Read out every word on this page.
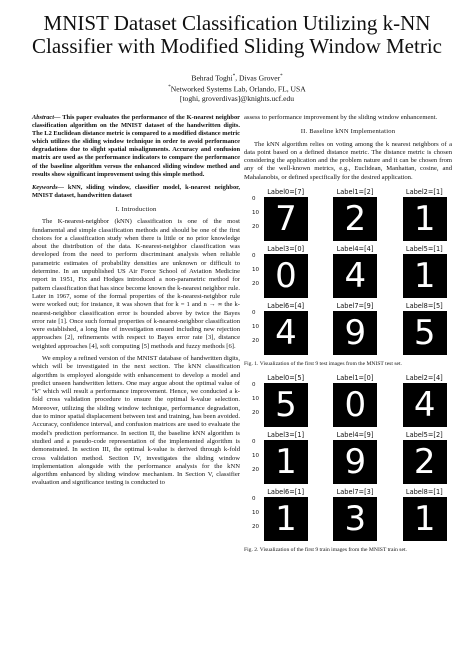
MNIST Dataset Classification Utilizing k-NN
Classifier with Modified Sliding Window Metric
Behrad Toghi*, Divas Grover*
*Networked Systems Lab, Orlando, FL, USA
[toghi, groverdivas]@knights.ucf.edu
Abstract— This paper evaluates the performance of the K-nearest neighbor classification algorithm on the MNIST dataset of the handwritten digits. The L2 Euclidean distance metric is compared to a modified distance metric which utilizes the sliding window technique in order to avoid performance degradations due to slight spatial misalignments. Accuracy and confusion matrix are used as the performance indicators to compare the performance of the baseline algorithm versus the enhanced sliding window method and results show significant improvement using this simple method.
Keywords— kNN, sliding window, classifier model, k-nearest neighbor, MNIST dataset, handwritten dataset
I. Introduction

The K-nearest-neighbor (kNN) classification is one of the most fundamental and simple classification methods and should be one of the first choices for a classification study when there is little or no prior knowledge about the distribution of the data. K-nearest-neighbor classification was developed from the need to perform discriminant analysis when reliable parametric estimates of probability densities are unknown or difficult to determine. In an unpublished US Air Force School of Aviation Medicine report in 1951, Fix and Hodges introduced a non-parametric method for pattern classification that has since become known the k-nearest neighbor rule. Later in 1967, some of the formal properties of the k-nearest-neighbor rule were worked out; for instance, it was shown that for k = 1 and n → ∞ the k-nearest-neighbor classification error is bounded above by twice the Bayes error rate [1]. Once such formal properties of k-nearest-neighbor classification were established, a long line of investigation ensued including new rejection approaches [2], refinements with respect to Bayes error rate [3], distance weighted approaches [4], soft computing [5] methods and fuzzy methods [6].

We employ a refined version of the MNIST database of handwritten digits, which will be investigated in the next section. The kNN classification algorithm is employed alongside with enhancement to develop a model and predict unseen handwritten letters. One may argue about the optimal value of "k" which will result a performance improvement. Hence, we conducted a k-fold cross validation procedure to ensure the optimal k-value selection. Moreover, utilizing the sliding window technique, performance degradation, due to minor spatial displacement between test and training, has been avoided. Accuracy, confidence interval, and confusion matrices are used to evaluate the model's prediction performance. In section II, the baseline kNN algorithm is studied and a pseudo-code representation of the implemented algorithm is demonstrated. In section III, the optimal k-value is derived through k-fold cross validation method. Section IV, investigates the sliding window implementation alongside with the performance analysis for the kNN algorithm enhanced by sliding window mechanism. In Section V, classifier evaluation and significance testing is conducted to

assess to performance improvement by the sliding window enhancement.

II. Baseline kNN Implementation

The kNN algorithm relies on voting among the k nearest neighbors of a data point based on a defined distance metric. The distance metric is chosen considering the application and the problem nature and it can be chosen from any of the well-known metrics, e.g., Euclidean, Manhattan, cosine, and Mahalanobis, or defined specifically for the desired application.

Label0=[7]
0
10
20 7
Label1=[2]
2
Label2=[1]
1
Label3=[0]
0
10
20 0
Label4=[4]
4
Label5=[1]
1
Label6=[4]
0
10
20 4
Label7=[9]
9
Label8=[5]
5
Fig. 1. Visualization of the first 9 test images from the MNIST test set.
Label0=[5]
0
10
20 5
Label1=[0]
0
Label2=[4]
4
Label3=[1]
0
10
20 1
Label4=[9]
9
Label5=[2]
2
Label6=[1]
0
10
20 1
Label7=[3]
3
Label8=[1]
1
Fig. 2. Visualization of the first 9 train images from the MNIST train set.
